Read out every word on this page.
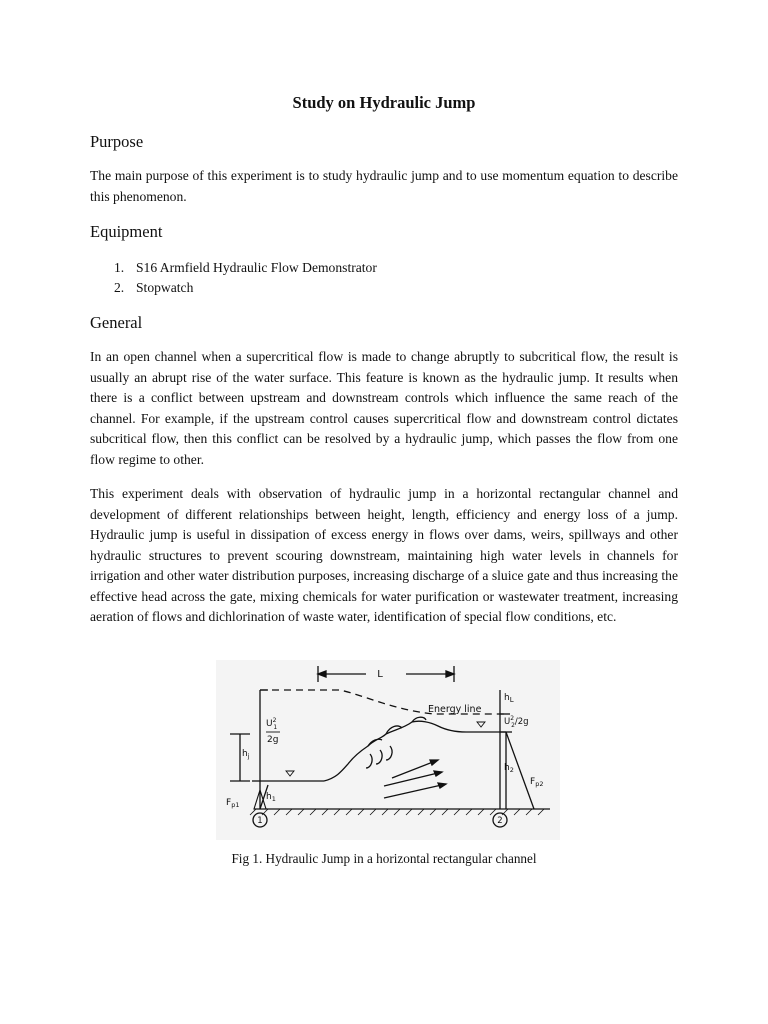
Study on Hydraulic Jump
Purpose

The main purpose of this experiment is to study hydraulic jump and to use momentum equation to describe this phenomenon.

Equipment
1. S16 Armfield Hydraulic Flow Demonstrator
2. Stopwatch
General

In an open channel when a supercritical flow is made to change abruptly to subcritical flow, the result is usually an abrupt rise of the water surface. This feature is known as the hydraulic jump. It results when there is a conflict between upstream and downstream controls which influence the same reach of the channel. For example, if the upstream control causes supercritical flow and downstream control dictates subcritical flow, then this conflict can be resolved by a hydraulic jump, which passes the flow from one flow regime to other.

This experiment deals with observation of hydraulic jump in a horizontal rectangular channel and development of different relationships between height, length, efficiency and energy loss of a jump. Hydraulic jump is useful in dissipation of excess energy in flows over dams, weirs, spillways and other hydraulic structures to prevent scouring downstream, maintaining high water levels in channels for irrigation and other water distribution purposes, increasing discharge of a sluice gate and thus increasing the effective head across the gate, mixing chemicals for water purification or wastewater treatment, increasing aeration of flows and dichlorination of waste water, identification of special flow conditions, etc.

L
Energy line
$h_L$
$U^2$ 2/2g
$U^2$ 1
2g
$h_j$
$h_1$
$h_2$
$F_{p1}$
$F_{p2}$
1	2
Fig 1. Hydraulic Jump in a horizontal rectangular channel
